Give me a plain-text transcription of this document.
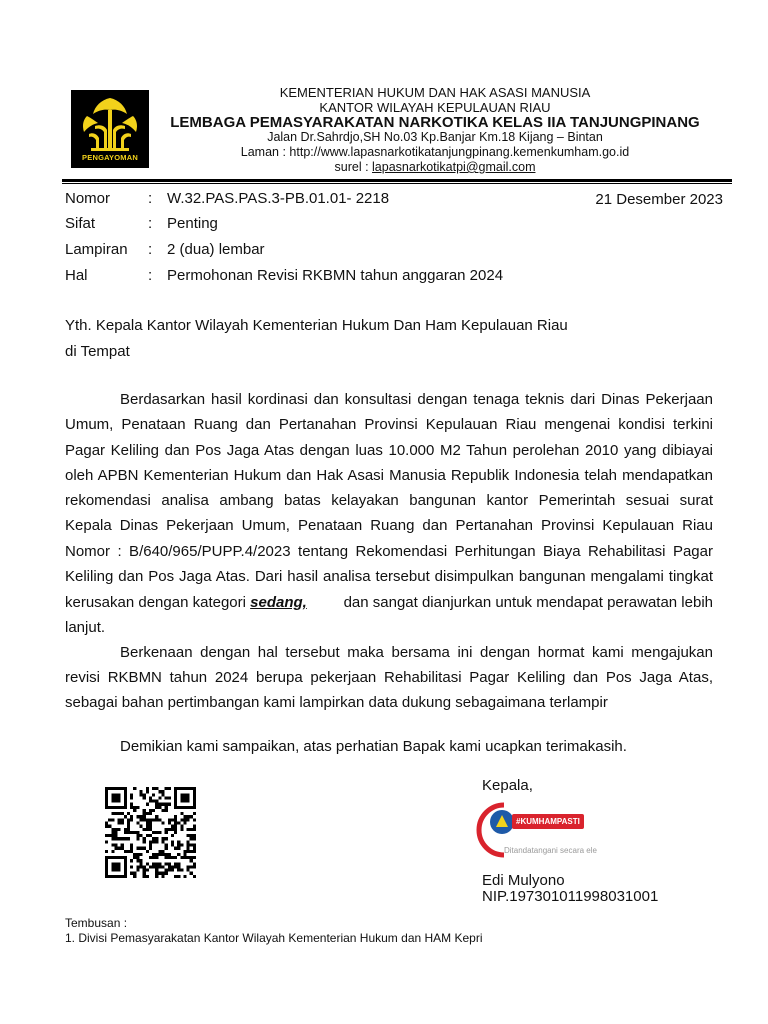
PENGAYOMAN
KEMENTERIAN HUKUM DAN HAK ASASI MANUSIA
KANTOR WILAYAH KEPULAUAN RIAU
LEMBAGA PEMASYARAKATAN NARKOTIKA KELAS IIA TANJUNGPINANG
Jalan Dr.Sahrdjo,SH No.03 Kp.Banjar Km.18 Kijang – Bintan
Laman : http://www.lapasnarkotikatanjungpinang.kemenkumham.go.id
surel : lapasnarkotikatpi@gmail.com
Nomor	: W.32.PAS.PAS.3-PB.01.01- 2218	21 Desember 2023
Sifat	: Penting
Lampiran : 2 (dua) lembar
Hal	: Permohonan Revisi RKBMN tahun anggaran 2024
Yth. Kepala Kantor Wilayah Kementerian Hukum Dan Ham Kepulauan Riau
di Tempat
Berdasarkan hasil kordinasi dan konsultasi dengan tenaga teknis dari Dinas Pekerjaan
Umum, Penataan Ruang dan Pertanahan Provinsi Kepulauan Riau mengenai kondisi terkini
Pagar Keliling dan Pos Jaga Atas dengan luas 10.000 M2 Tahun perolehan 2010 yang dibiayai
oleh APBN Kementerian Hukum dan Hak Asasi Manusia Republik Indonesia telah mendapatkan
rekomendasi analisa ambang batas kelayakan bangunan kantor Pemerintah sesuai surat
Kepala Dinas Pekerjaan Umum, Penataan Ruang dan Pertanahan Provinsi Kepulauan Riau
Nomor : B/640/965/PUPP.4/2023 tentang Rekomendasi Perhitungan Biaya Rehabilitasi Pagar
Keliling dan Pos Jaga Atas. Dari hasil analisa tersebut disimpulkan bangunan mengalami tingkat
kerusakan dengan kategori sedang, dan sangat dianjurkan untuk mendapat perawatan lebih
lanjut.
Berkenaan dengan hal tersebut maka bersama ini dengan hormat kami mengajukan
revisi RKBMN tahun 2024 berupa pekerjaan Rehabilitasi Pagar Keliling dan Pos Jaga Atas,
sebagai bahan pertimbangan kami lampirkan data dukung sebagaimana terlampir
Demikian kami sampaikan, atas perhatian Bapak kami ucapkan terimakasih.
Kepala,
#KUMHAMPASTI
Ditandatangani secara ele
Edi Mulyono
NIP.197301011998031001
Tembusan :
1. Divisi Pemasyarakatan Kantor Wilayah Kementerian Hukum dan HAM Kepri
